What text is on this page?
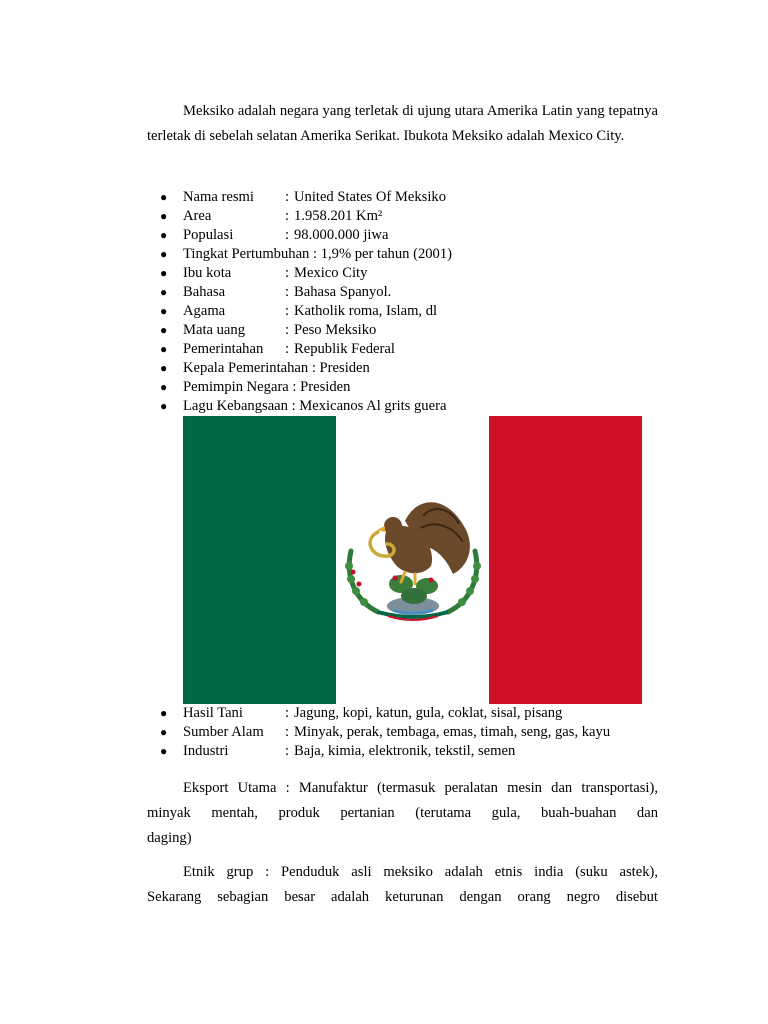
Meksiko adalah negara yang terletak di ujung utara Amerika Latin yang tepatnya terletak di sebelah selatan Amerika Serikat. Ibukota Meksiko adalah Mexico City.

● Nama resmi : United States Of Meksiko
● Area	: 1.958.201 Km²
● Populasi	: 98.000.000 jiwa
● Tingkat Pertumbuhan : 1,9% per tahun (2001)
● Ibu kota	: Mexico City
● Bahasa	: Bahasa Spanyol.
● Agama	: Katholik roma, Islam, dl
● Mata uang	: Peso Meksiko
● Pemerintahan : Republik Federal
● Kepala Pemerintahan : Presiden
● Pemimpin Negara : Presiden
● Lagu Kebangsaan : Mexicanos Al grits guera
● Hasil Tani	: Jagung, kopi, katun, gula, coklat, sisal, pisang
● Sumber Alam : Minyak, perak, tembaga, emas, timah, seng, gas, kayu
● Industri	: Baja, kimia, elektronik, tekstil, semen
Eksport Utama : Manufaktur (termasuk peralatan mesin dan transportasi),
minyak mentah, produk pertanian (terutama gula, buah-buahan dan
daging)
Etnik grup : Penduduk asli meksiko adalah etnis india (suku astek),
Sekarang sebagian besar adalah keturunan dengan orang negro disebut
